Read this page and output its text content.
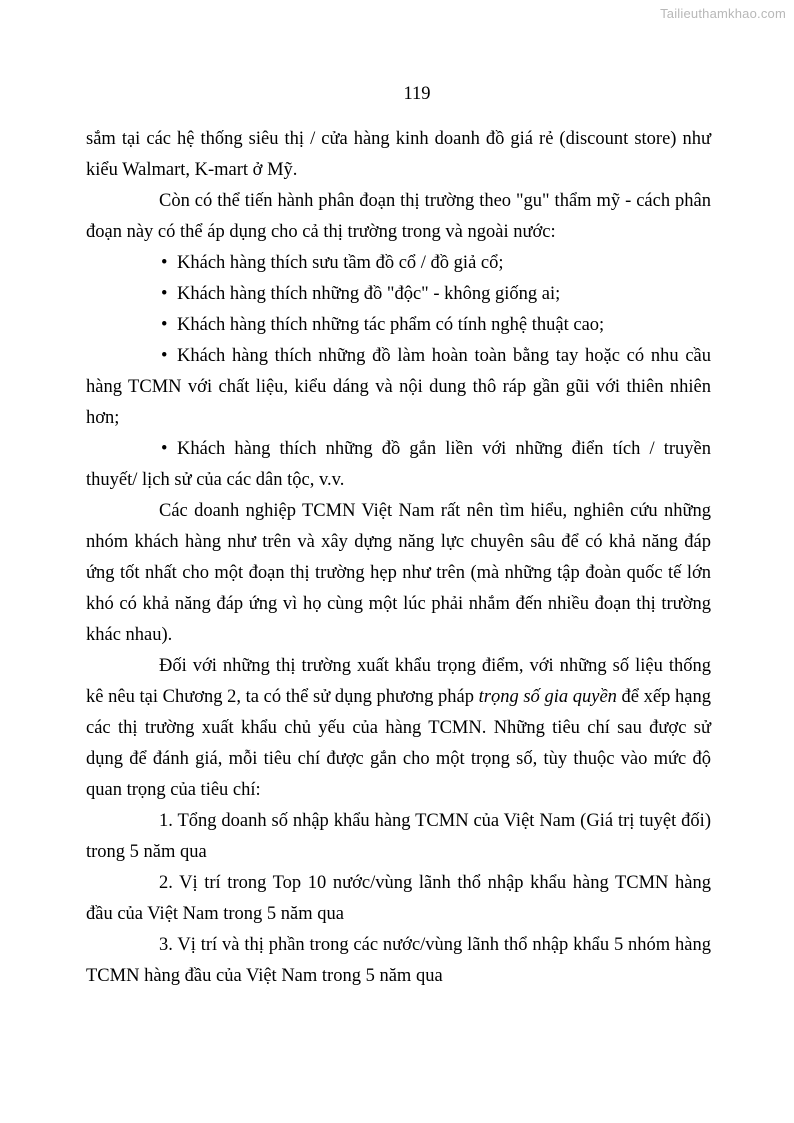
Tailieuthamkhao.com
119

sắm tại các hệ thống siêu thị / cửa hàng kinh doanh đồ giá rẻ (discount store) như kiểu Walmart, K-mart ở Mỹ.

Còn có thể tiến hành phân đoạn thị trường theo "gu" thẩm mỹ - cách phân đoạn này có thể áp dụng cho cả thị trường trong và ngoài nước:

• Khách hàng thích sưu tầm đồ cổ / đồ giả cổ;

• Khách hàng thích những đồ "độc" - không giống ai;

• Khách hàng thích những tác phẩm có tính nghệ thuật cao;

• Khách hàng thích những đồ làm hoàn toàn bằng tay hoặc có nhu cầu hàng TCMN với chất liệu, kiểu dáng và nội dung thô ráp gần gũi với thiên nhiên hơn;

• Khách hàng thích những đồ gắn liền với những điển tích / truyền thuyết/ lịch sử của các dân tộc, v.v.

Các doanh nghiệp TCMN Việt Nam rất nên tìm hiểu, nghiên cứu những nhóm khách hàng như trên và xây dựng năng lực chuyên sâu để có khả năng đáp ứng tốt nhất cho một đoạn thị trường hẹp như trên (mà những tập đoàn quốc tế lớn khó có khả năng đáp ứng vì họ cùng một lúc phải nhắm đến nhiều đoạn thị trường khác nhau).

Đối với những thị trường xuất khẩu trọng điểm, với những số liệu thống kê nêu tại Chương 2, ta có thể sử dụng phương pháp trọng số gia quyền để xếp hạng các thị trường xuất khẩu chủ yếu của hàng TCMN. Những tiêu chí sau được sử dụng để đánh giá, mỗi tiêu chí được gắn cho một trọng số, tùy thuộc vào mức độ quan trọng của tiêu chí:

1. Tổng doanh số nhập khẩu hàng TCMN của Việt Nam (Giá trị tuyệt đối) trong 5 năm qua

2. Vị trí trong Top 10 nước/vùng lãnh thổ nhập khẩu hàng TCMN hàng đầu của Việt Nam trong 5 năm qua

3. Vị trí và thị phần trong các nước/vùng lãnh thổ nhập khẩu 5 nhóm hàng TCMN hàng đầu của Việt Nam trong 5 năm qua
